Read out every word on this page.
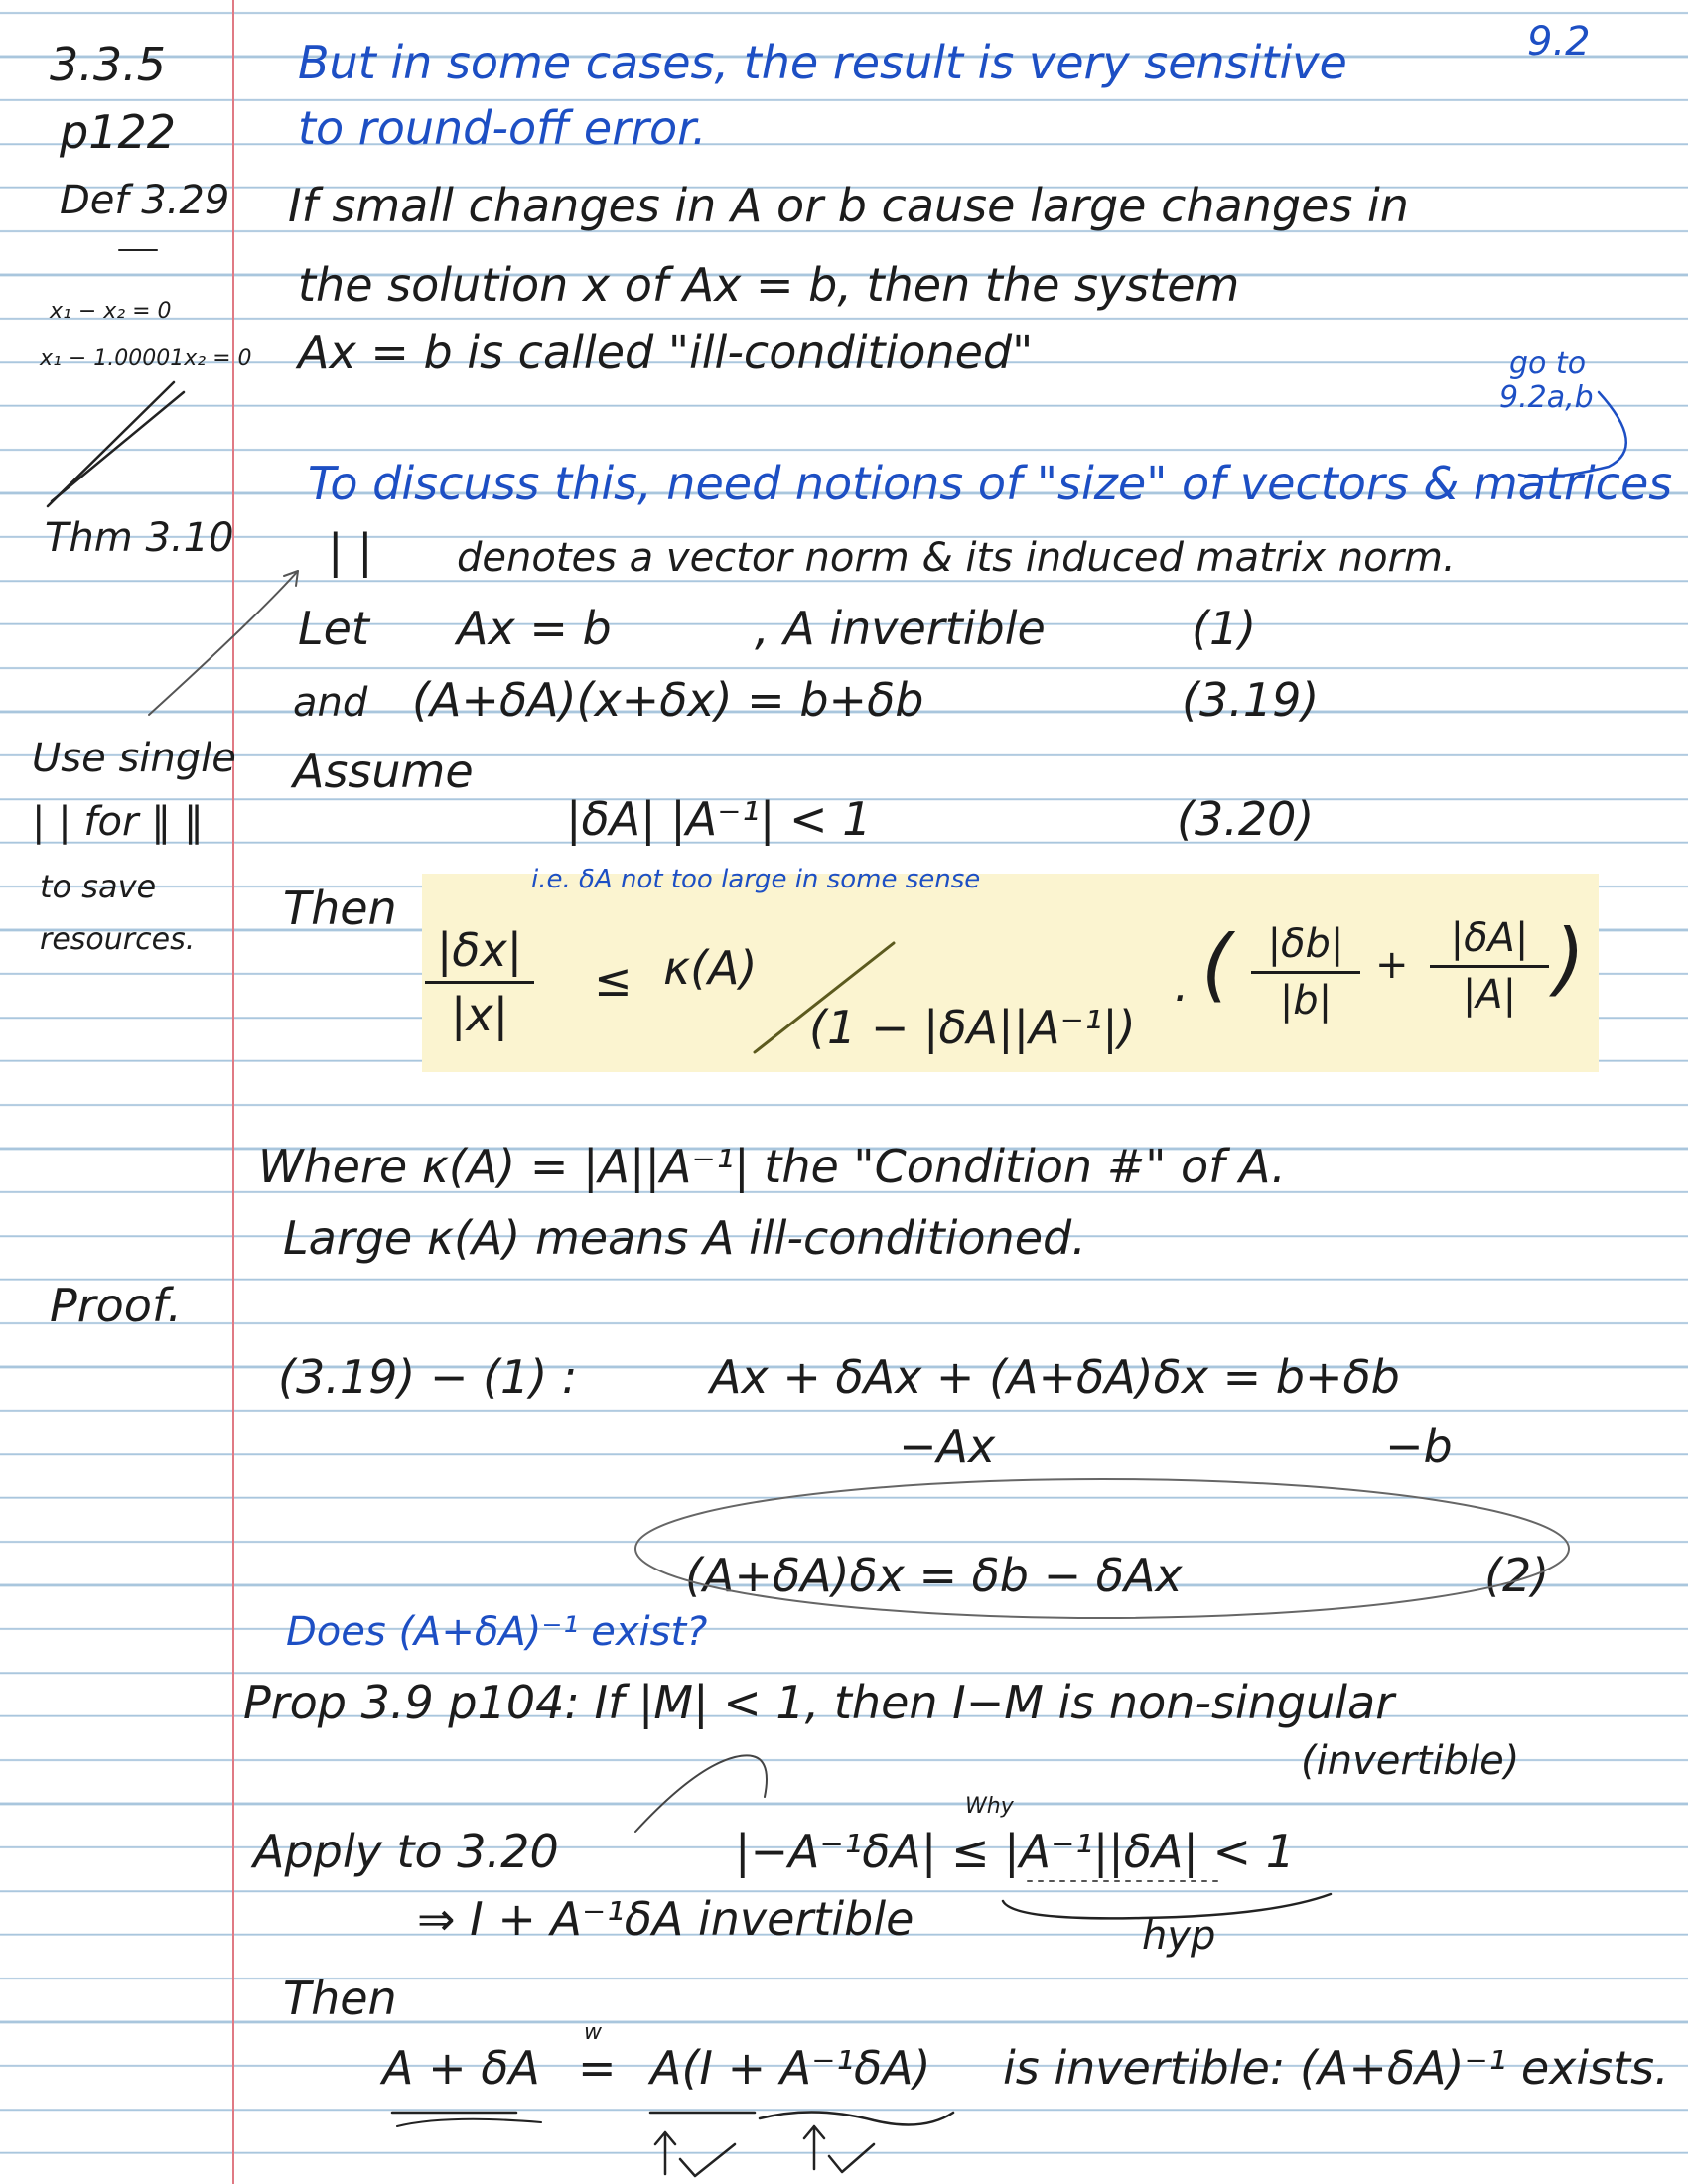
9.2
3.3.5
p122
Def 3.29
x₁ − x₂ = 0
x₁ − 1.00001x₂ = 0
Thm 3.10
Use single
| | for ‖ ‖
to save
resources.
Proof.
But in some cases, the result is very sensitive
to round-off error.
If small changes in A or b cause large changes in
the solution x of Ax = b, then the system
Ax = b is called "ill-conditioned"	go to
9.2a,b
To discuss this, need notions of "size" of vectors & matrices
| | denotes a vector norm & its induced matrix norm.
Let Ax = b	, A invertible	(1)
and (A+δA)(x+δx) = b+δb	(3.19)
Assume
|δA| |A⁻¹| < 1	(3.20)
Then
i.e. δA not too large in some sense
|δx|
|x|
≤ κ(A)
(1 − |δA||A⁻¹|)
· ( |δb|
|b|
+
|δA|
|A| )
Where κ(A) = |A||A⁻¹| the "Condition #" of A.
Large κ(A) means A ill-conditioned.
(3.19) − (1) :	Ax + δAx + (A+δA)δx = b+δb
−Ax	−b
(A+δA)δx = δb − δAx	(2)
Does (A+δA)⁻¹ exist?
Prop 3.9 p104: If |M| < 1, then I−M is non-singular
(invertible)
Apply to 3.20	|−A⁻¹δA| ≤ |A⁻¹||δA| < 1
Why
hyp
⇒ I + A⁻¹δA invertible
Then
A + δA
w
= A(I + A⁻¹δA) is invertible: (A+δA)⁻¹ exists.
